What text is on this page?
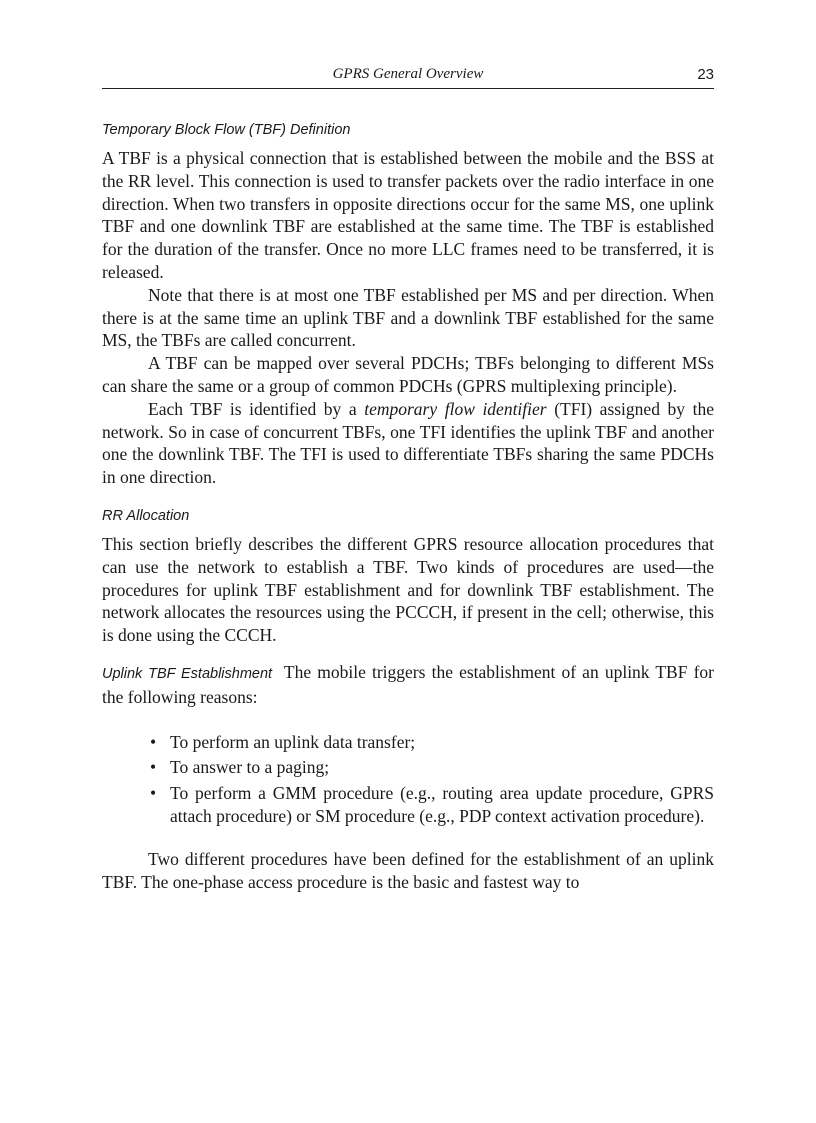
GPRS General Overview	23
Temporary Block Flow (TBF) Definition

A TBF is a physical connection that is established between the mobile and the BSS at the RR level. This connection is used to transfer packets over the radio interface in one direction. When two transfers in opposite directions occur for the same MS, one uplink TBF and one downlink TBF are established at the same time. The TBF is established for the duration of the transfer. Once no more LLC frames need to be transferred, it is released.

Note that there is at most one TBF established per MS and per direction. When there is at the same time an uplink TBF and a downlink TBF established for the same MS, the TBFs are called concurrent.

A TBF can be mapped over several PDCHs; TBFs belonging to different MSs can share the same or a group of common PDCHs (GPRS multiplexing principle).

Each TBF is identified by a temporary flow identifier (TFI) assigned by the network. So in case of concurrent TBFs, one TFI identifies the uplink TBF and another one the downlink TBF. The TFI is used to differentiate TBFs sharing the same PDCHs in one direction.

RR Allocation

This section briefly describes the different GPRS resource allocation procedures that can use the network to establish a TBF. Two kinds of procedures are used—the procedures for uplink TBF establishment and for downlink TBF establishment. The network allocates the resources using the PCCCH, if present in the cell; otherwise, this is done using the CCCH.

Uplink TBF Establishment The mobile triggers the establishment of an uplink TBF for the following reasons:

• To perform an uplink data transfer;
• To answer to a paging;
• To perform a GMM procedure (e.g., routing area update procedure, GPRS attach procedure) or SM procedure (e.g., PDP context activation procedure).

Two different procedures have been defined for the establishment of an uplink TBF. The one-phase access procedure is the basic and fastest way to
